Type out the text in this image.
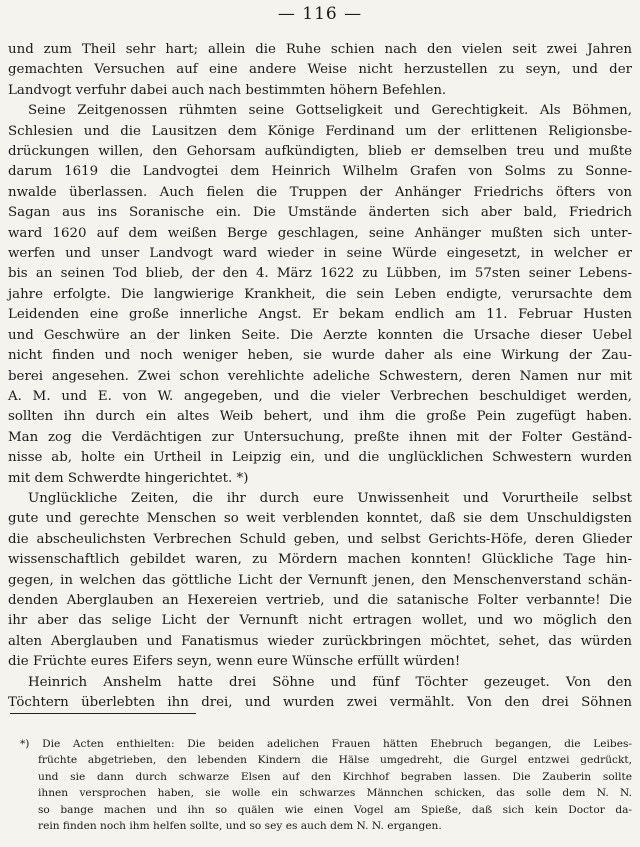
— 116 —
und zum Theil sehr hart; allein die Ruhe schien nach den vielen seit zwei Jahren
gemachten Versuchen auf eine andere Weise nicht herzustellen zu seyn, und der
Landvogt verfuhr dabei auch nach bestimmten höhern Befehlen.
Seine Zeitgenossen rühmten seine Gottseligkeit und Gerechtigkeit. Als Böhmen,
Schlesien und die Lausitzen dem Könige Ferdinand um der erlittenen Religionsbe-
drückungen willen, den Gehorsam aufkündigten, blieb er demselben treu und mußte
darum 1619 die Landvogtei dem Heinrich Wilhelm Grafen von Solms zu Sonne-
nwalde überlassen. Auch fielen die Truppen der Anhänger Friedrichs öfters von
Sagan aus ins Soranische ein. Die Umstände änderten sich aber bald, Friedrich
ward 1620 auf dem weißen Berge geschlagen, seine Anhänger mußten sich unter-
werfen und unser Landvogt ward wieder in seine Würde eingesetzt, in welcher er
bis an seinen Tod blieb, der den 4. März 1622 zu Lübben, im 57sten seiner Lebens-
jahre erfolgte. Die langwierige Krankheit, die sein Leben endigte, verursachte dem
Leidenden eine große innerliche Angst. Er bekam endlich am 11. Februar Husten
und Geschwüre an der linken Seite. Die Aerzte konnten die Ursache dieser Uebel
nicht finden und noch weniger heben, sie wurde daher als eine Wirkung der Zau-
berei angesehen. Zwei schon verehlichte adeliche Schwestern, deren Namen nur mit
A. M. und E. von W. angegeben, und die vieler Verbrechen beschuldiget werden,
sollten ihn durch ein altes Weib behert, und ihm die große Pein zugefügt haben.
Man zog die Verdächtigen zur Untersuchung, preßte ihnen mit der Folter Geständ-
nisse ab, holte ein Urtheil in Leipzig ein, und die unglücklichen Schwestern wurden
mit dem Schwerdte hingerichtet. *)
Unglückliche Zeiten, die ihr durch eure Unwissenheit und Vorurtheile selbst
gute und gerechte Menschen so weit verblenden konntet, daß sie dem Unschuldigsten
die abscheulichsten Verbrechen Schuld geben, und selbst Gerichts-Höfe, deren Glieder
wissenschaftlich gebildet waren, zu Mördern machen konnten! Glückliche Tage hin-
gegen, in welchen das göttliche Licht der Vernunft jenen, den Menschenverstand schän-
denden Aberglauben an Hexereien vertrieb, und die satanische Folter verbannte! Die
ihr aber das selige Licht der Vernunft nicht ertragen wollet, und wo möglich den
alten Aberglauben und Fanatismus wieder zurückbringen möchtet, sehet, das würden
die Früchte eures Eifers seyn, wenn eure Wünsche erfüllt würden!
Heinrich Anshelm hatte drei Söhne und fünf Töchter gezeuget. Von den
Töchtern überlebten ihn drei, und wurden zwei vermählt. Von den drei Söhnen
*) Die Acten enthielten: Die beiden adelichen Frauen hätten Ehebruch begangen, die Leibes-
früchte abgetrieben, den lebenden Kindern die Hälse umgedreht, die Gurgel entzwei gedrückt,
und sie dann durch schwarze Elsen auf den Kirchhof begraben lassen. Die Zauberin sollte
ihnen versprochen haben, sie wolle ein schwarzes Männchen schicken, das solle dem N. N.
so bange machen und ihn so quälen wie einen Vogel am Spieße, daß sich kein Doctor da-
rein finden noch ihm helfen sollte, und so sey es auch dem N. N. ergangen.
